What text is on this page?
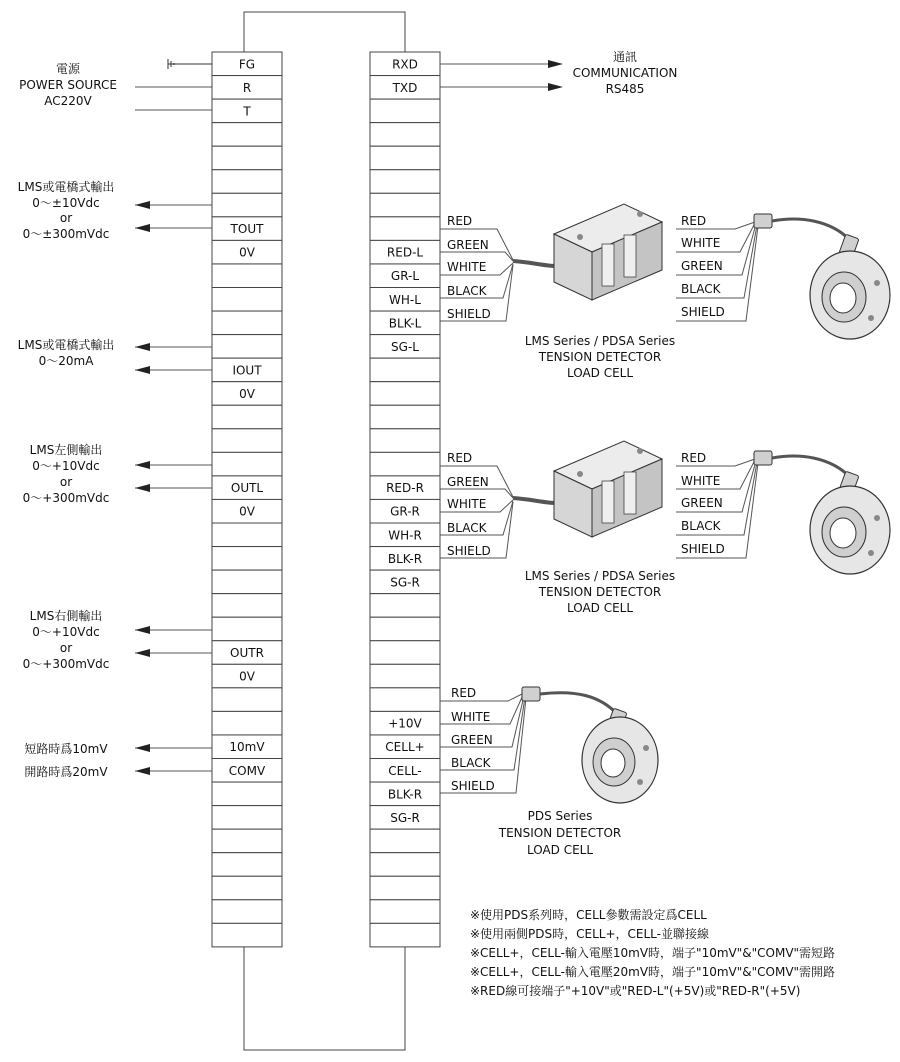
FG
R
T
TOUT
0V
IOUT
0V
OUTL
0V
OUTR
0V
10mV
COMV
RXD
TXD
RED-L
GR-L
WH-L
BLK-L
SG-L
RED-R
GR-R
WH-R
BLK-R
SG-R
+10V
CELL+
CELL-
BLK-R
SG-R
電源
POWER SOURCE
AC220V
通訊
COMMUNICATION
RS485
LMS或電橋式輸出
0～±10Vdc
or
0～±300mVdc
LMS或電橋式輸出
0～20mA
LMS左側輸出
0～+10Vdc
or
0～+300mVdc
LMS右側輸出
0～+10Vdc
or
0～+300mVdc
短路時爲10mV
開路時爲20mV
RED
GREEN
WHITE
BLACK
SHIELD
RED
WHITE
GREEN
BLACK
SHIELD
LMS Series / PDSA Series
TENSION DETECTOR
LOAD CELL
RED
GREEN
WHITE
BLACK
SHIELD
RED
WHITE
GREEN
BLACK
SHIELD
LMS Series / PDSA Series
TENSION DETECTOR
LOAD CELL
RED
WHITE
GREEN
BLACK
SHIELD
PDS Series
TENSION DETECTOR
LOAD CELL
※使用PDS系列時，CELL參數需設定爲CELL
※使用兩側PDS時，CELL+，CELL-並聯接線
※CELL+，CELL-輸入電壓10mV時，端子"10mV"&"COMV"需短路
※CELL+，CELL-輸入電壓20mV時，端子"10mV"&"COMV"需開路
※RED線可接端子"+10V"或"RED-L"(+5V)或"RED-R"(+5V)
